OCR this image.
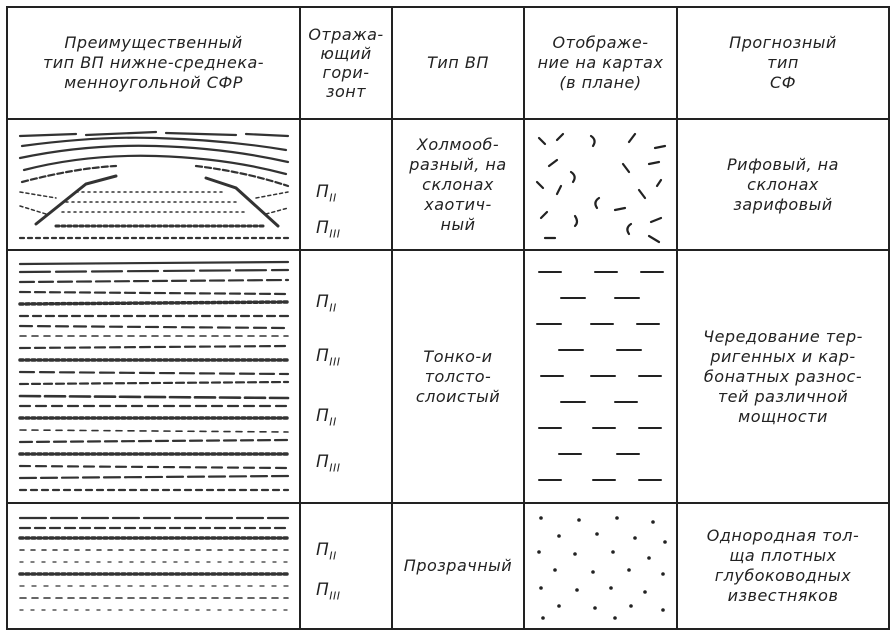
Преимущественный
тип ВП нижне-среднека-
менноугольной СФР
Отража-
ющий
гори-
зонт
Тип ВП
Отображе-
ние на картах
(в плане)
Прогнозный
тип
СФ
$П_{II}$
$П_{III}$
Холмооб-
разный, на
склонах
хаотич-
ный
Рифовый, на
склонах
зарифовый
$П_{II}$
$П_{III}$
$П_{II}$
$П_{III}$
Тонко-и
толсто-
слоистый
Чередование тер-
ригенных и кар-
бонатных разнос-
тей различной
мощности
$П_{II}$
$П_{III}$
Прозрачный
Однородная тол-
ща плотных
глубоководных
известняков
